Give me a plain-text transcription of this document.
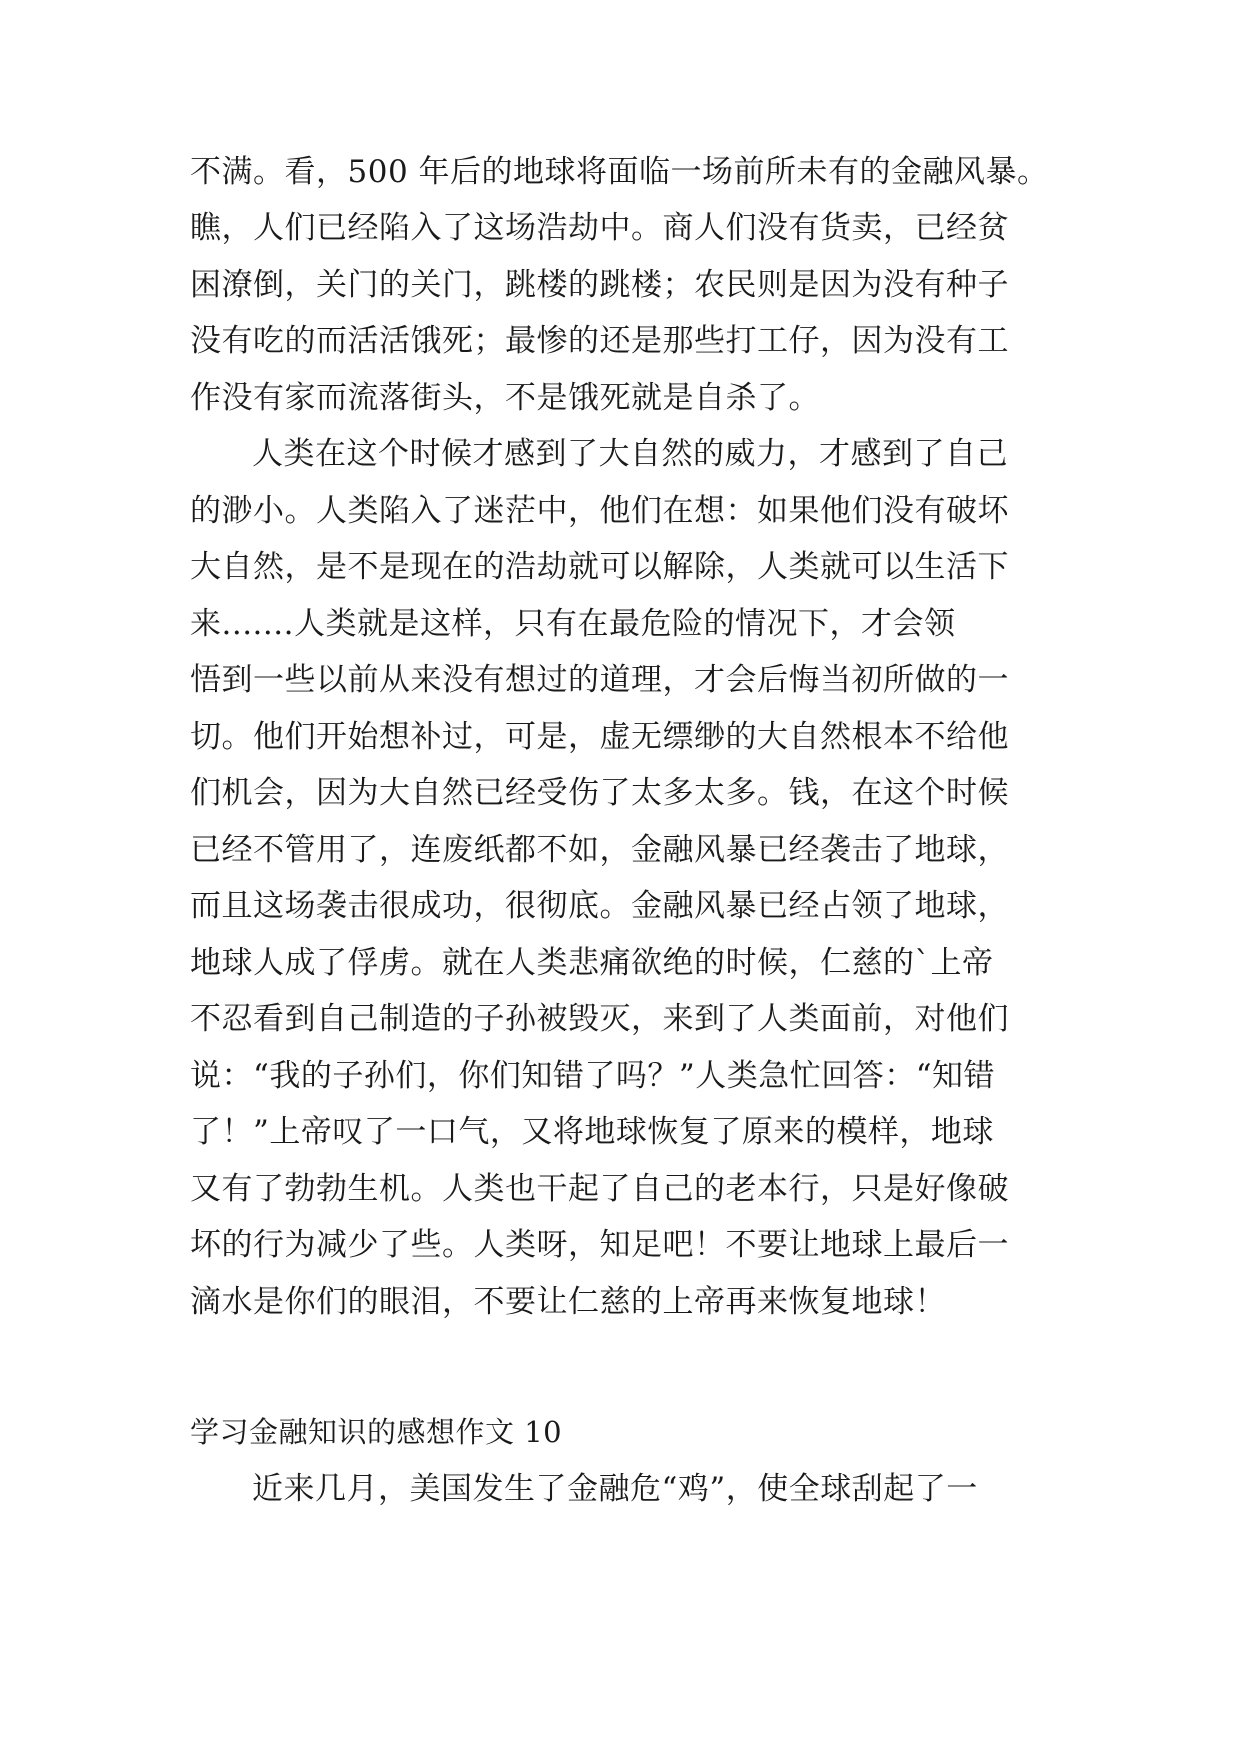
不满。看，500 年后的地球将面临一场前所未有的金融风暴。
瞧，人们已经陷入了这场浩劫中。商人们没有货卖，已经贫
困潦倒，关门的关门，跳楼的跳楼；农民则是因为没有种子
没有吃的而活活饿死；最惨的还是那些打工仔，因为没有工
作没有家而流落街头，不是饿死就是自杀了。
人类在这个时候才感到了大自然的威力，才感到了自己
的渺小。人类陷入了迷茫中，他们在想：如果他们没有破坏
大自然，是不是现在的浩劫就可以解除，人类就可以生活下
来.......人类就是这样，只有在最危险的情况下，才会领
悟到一些以前从来没有想过的道理，才会后悔当初所做的一
切。他们开始想补过，可是，虚无缥缈的大自然根本不给他
们机会，因为大自然已经受伤了太多太多。钱，在这个时候
已经不管用了，连废纸都不如，金融风暴已经袭击了地球，
而且这场袭击很成功，很彻底。金融风暴已经占领了地球，
地球人成了俘虏。就在人类悲痛欲绝的时候，仁慈的`上帝
不忍看到自己制造的子孙被毁灭，来到了人类面前，对他们
说：“我的子孙们，你们知错了吗？”人类急忙回答：“知错
了！”上帝叹了一口气，又将地球恢复了原来的模样，地球
又有了勃勃生机。人类也干起了自己的老本行，只是好像破
坏的行为减少了些。人类呀，知足吧！不要让地球上最后一
滴水是你们的眼泪，不要让仁慈的上帝再来恢复地球！
学习金融知识的感想作文 10
近来几月，美国发生了金融危“鸡”，使全球刮起了一
